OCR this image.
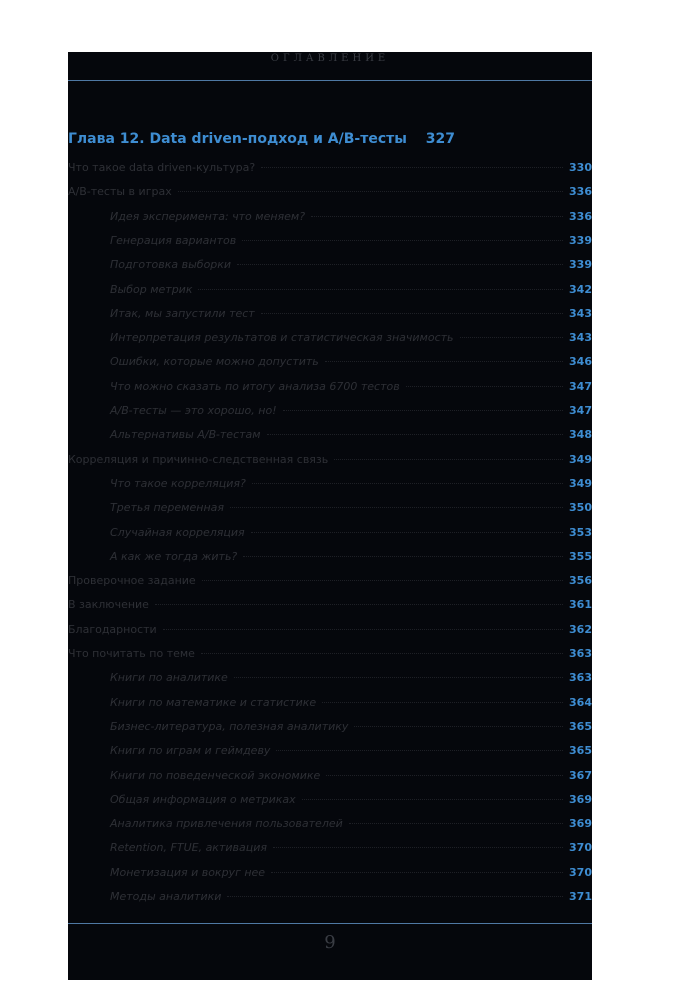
ОГЛАВЛЕНИЕ
Глава 12. Data driven-подход и A/B-тесты 327
Что такое data driven-культура?	330
A/B-тесты в играх	336
Идея эксперимента: что меняем?	336
Генерация вариантов	339
Подготовка выборки	339
Выбор метрик	342
Итак, мы запустили тест	343
Интерпретация результатов и статистическая значимость	343
Ошибки, которые можно допустить	346
Что можно сказать по итогу анализа 6700 тестов	347
A/B-тесты — это хорошо, но!	347
Альтернативы A/B-тестам	348
Корреляция и причинно-следственная связь	349
Что такое корреляция?	349
Третья переменная	350
Случайная корреляция	353
А как же тогда жить?	355
Проверочное задание	356
В заключение	361
Благодарности	362
Что почитать по теме	363
Книги по аналитике	363
Книги по математике и статистике	364
Бизнес-литература, полезная аналитику	365
Книги по играм и геймдеву	365
Книги по поведенческой экономике	367
Общая информация о метриках	369
Аналитика привлечения пользователей	369
Retention, FTUE, активация	370
Монетизация и вокруг нее	370
Методы аналитики	371
9
